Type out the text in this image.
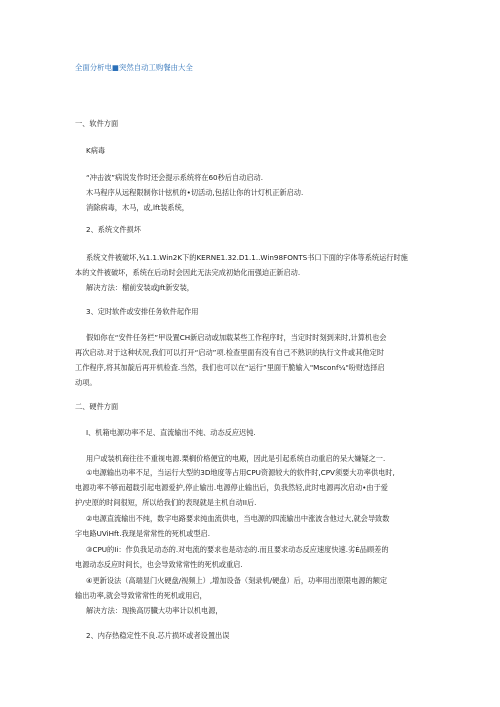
全面分析电■突然自动工购餐由大全
一、软件方面
K病毒
“冲击波”病说发作时还会提示系统将在60秒后自动启动.
木马程序从远程限制你计铉机的•切活动,包括让你的计灯机正新启动.
消除病毒，木马，或,lft装系统，
2、系统文件损坏
系统文件被破坏,¾1.1.Win2K下的KERNE1.32.D1.1..Win98FONTS书口下面的字体等系统运行时施
本的文件被破坏，系统在后动时会因此无法完成初始化而强迫正新启动.
解决方法：榴前安装或Jft新安装，
3、定时软件或安排任务软件起作用
假如你在“安件任务栏”甲设置CH新启动或加载某些工作程序时，当定时时刻到来时,计算机也会
再次启动.对于这种状况,我们可以打开“启动”项.检查里面有没有自己不熟识的执行文件或其他定时
工作程序,将其加靛后再开机检査.当然，我们也可以在“运行”里面干脆输入"Msconf¼"吩财选择启
动项。
二、硬件方面
I、机箱电源功率不足、直流输出不纯、动态反应迟钝.
用户或装机商往往不重视电源.栗榈价格便宜的电殿，因此是引起系统自动重启的呆大嫌疑之一.
①电源输出功率不足，当运行大型的3D地度等占用CPU资源较大的软件时,CPV须要大功率供电时,
电源功率不够而超载引起电源爱护,停止输出.电源停止输出后，负我然轻,此时电源再次启动•由于爱
护/史原的时间很短，所以给我们的表现就是主机自动II后.
②电源直流输出不纯，数字电路要求纯血流供电，当电源的四流输出中涨波含他过大,就会导致数
字电路UViHft.我现是常常性的死机或型启.
③CPU的Ii：作负我足动态的.对电流的要求也是动态的.而且要求动态反应速度快速.劣Ѐ品顾差的
电源动态反应时间长，也会导致常常性的死机或重启.
④更新设法（高端显门火硬盘/视频上）,增加设备（刻录机/硬盘）后，功率用出原限电源的额定
输出功率,就会导致常常性的死机或用启，
解决方法：现换高厉臓大功率计以机电源，
2、内存热稳定性不良.芯片损坏或者设置出误
